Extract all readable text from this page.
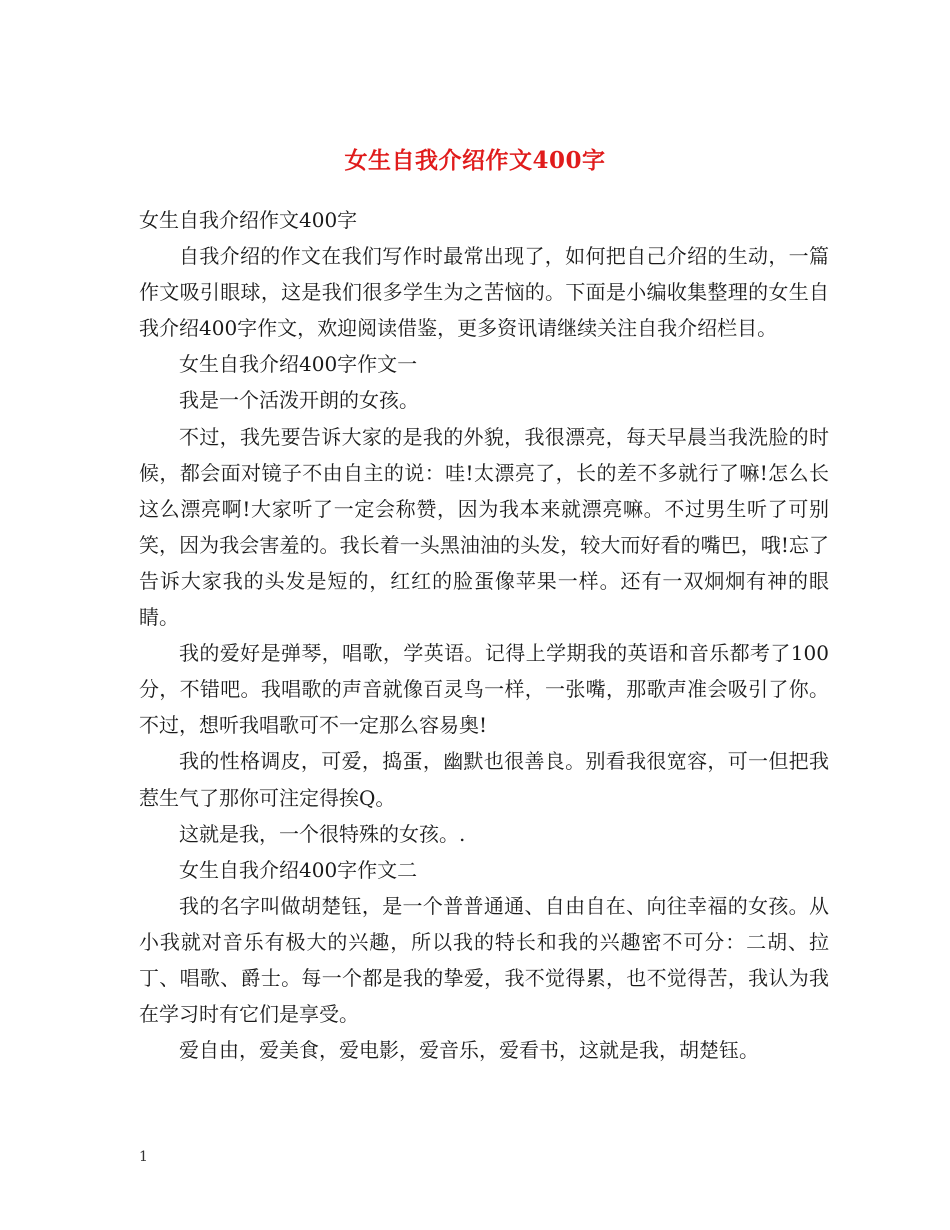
女生自我介绍作文400字

女生自我介绍作文400字

自我介绍的作文在我们写作时最常出现了，如何把自己介绍的生动，一篇作文吸引眼球，这是我们很多学生为之苦恼的。下面是小编收集整理的女生自我介绍400字作文，欢迎阅读借鉴，更多资讯请继续关注自我介绍栏目。

女生自我介绍400字作文一

我是一个活泼开朗的女孩。

不过，我先要告诉大家的是我的外貌，我很漂亮，每天早晨当我洗脸的时候，都会面对镜子不由自主的说：哇!太漂亮了，长的差不多就行了嘛!怎么长这么漂亮啊!大家听了一定会称赞，因为我本来就漂亮嘛。不过男生听了可别笑，因为我会害羞的。我长着一头黑油油的头发，较大而好看的嘴巴，哦!忘了告诉大家我的头发是短的，红红的脸蛋像苹果一样。还有一双炯炯有神的眼睛。

我的爱好是弹琴，唱歌，学英语。记得上学期我的英语和音乐都考了100分，不错吧。我唱歌的声音就像百灵鸟一样，一张嘴，那歌声准会吸引了你。不过，想听我唱歌可不一定那么容易奥!

我的性格调皮，可爱，捣蛋，幽默也很善良。别看我很宽容，可一但把我惹生气了那你可注定得挨Q。

这就是我，一个很特殊的女孩。.

女生自我介绍400字作文二

我的名字叫做胡楚钰，是一个普普通通、自由自在、向往幸福的女孩。从小我就对音乐有极大的兴趣，所以我的特长和我的兴趣密不可分：二胡、拉丁、唱歌、爵士。每一个都是我的挚爱，我不觉得累，也不觉得苦，我认为我在学习时有它们是享受。

爱自由，爱美食，爱电影，爱音乐，爱看书，这就是我，胡楚钰。

1
